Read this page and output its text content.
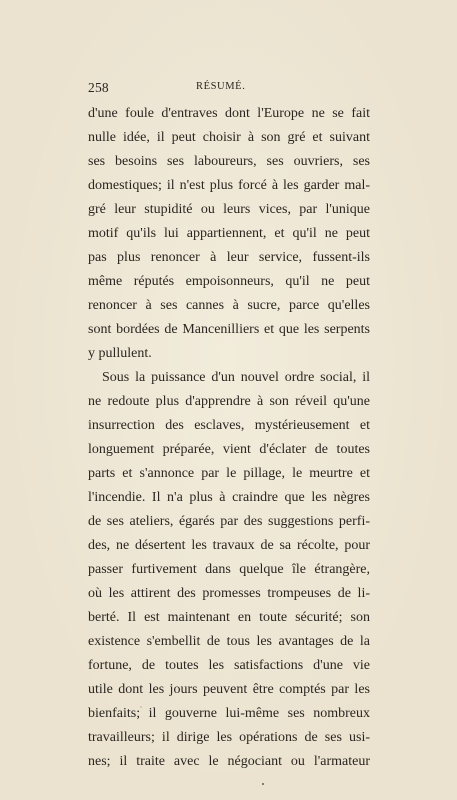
258	RÉSUMÉ.
d'une foule d'entraves dont l'Europe ne se fait
nulle idée, il peut choisir à son gré et suivant
ses besoins ses laboureurs, ses ouvriers, ses
domestiques; il n'est plus forcé à les garder mal-
gré leur stupidité ou leurs vices, par l'unique
motif qu'ils lui appartiennent, et qu'il ne peut
pas plus renoncer à leur service, fussent-ils
même réputés empoisonneurs, qu'il ne peut
renoncer à ses cannes à sucre, parce qu'elles
sont bordées de Mancenilliers et que les serpents
y pullulent.
Sous la puissance d'un nouvel ordre social, il
ne redoute plus d'apprendre à son réveil qu'une
insurrection des esclaves, mystérieusement et
longuement préparée, vient d'éclater de toutes
parts et s'annonce par le pillage, le meurtre et
l'incendie. Il n'a plus à craindre que les nègres
de ses ateliers, égarés par des suggestions perfi-
des, ne désertent les travaux de sa récolte, pour
passer furtivement dans quelque île étrangère,
où les attirent des promesses trompeuses de li-
berté. Il est maintenant en toute sécurité; son
existence s'embellit de tous les avantages de la
fortune, de toutes les satisfactions d'une vie
utile dont les jours peuvent être comptés par les
bienfaits; il gouverne lui-même ses nombreux
travailleurs; il dirige les opérations de ses usi-
nes; il traite avec le négociant ou l'armateur
